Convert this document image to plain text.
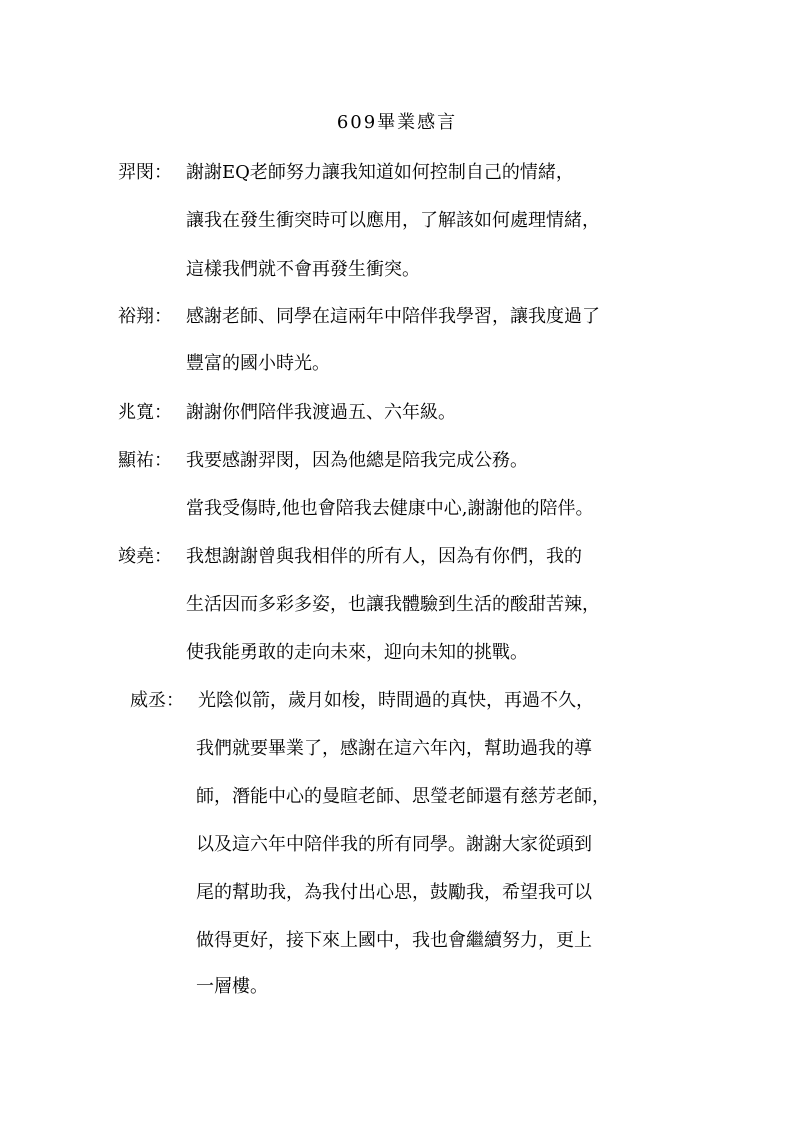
609畢業感言
羿閔： 謝謝EQ老師努力讓我知道如何控制自己的情緒，
讓我在發生衝突時可以應用，了解該如何處理情緒，
這樣我們就不會再發生衝突。
裕翔： 感謝老師、同學在這兩年中陪伴我學習，讓我度過了
豐富的國小時光。
兆寬： 謝謝你們陪伴我渡過五、六年級。
顯祐： 我要感謝羿閔，因為他總是陪我完成公務。
當我受傷時,他也會陪我去健康中心,謝謝他的陪伴。
竣堯： 我想謝謝曾與我相伴的所有人，因為有你們，我的
生活因而多彩多姿，也讓我體驗到生活的酸甜苦辣，
使我能勇敢的走向未來，迎向未知的挑戰。
威丞： 光陰似箭，歲月如梭，時間過的真快，再過不久，
我們就要畢業了，感謝在這六年內，幫助過我的導
師，潛能中心的曼暄老師、思瑩老師還有慈芳老師，
以及這六年中陪伴我的所有同學。謝謝大家從頭到
尾的幫助我，為我付出心思，鼓勵我，希望我可以
做得更好，接下來上國中，我也會繼續努力，更上
一層樓。
